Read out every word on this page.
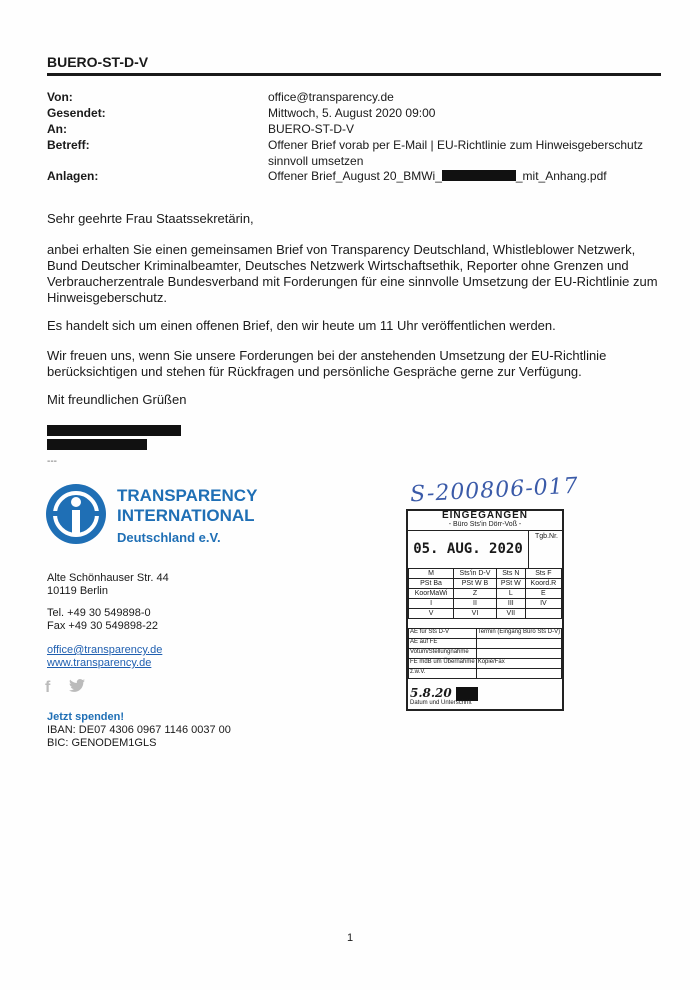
BUERO-ST-D-V
Von:	office@transparency.de
Gesendet:	Mittwoch, 5. August 2020 09:00
An:	BUERO-ST-D-V
Betreff:	Offener Brief vorab per E-Mail | EU-Richtlinie zum Hinweisgeberschutz
sinnvoll umsetzen
Anlagen:	Offener Brief_August 20_BMWi_	_mit_Anhang.pdf
Sehr geehrte Frau Staatssekretärin,
anbei erhalten Sie einen gemeinsamen Brief von Transparency Deutschland, Whistleblower Netzwerk, Bund Deutscher Kriminalbeamter, Deutsches Netzwerk Wirtschaftsethik, Reporter ohne Grenzen und Verbraucherzentrale Bundesverband mit Forderungen für eine sinnvolle Umsetzung der EU-Richtlinie zum Hinweisgeberschutz.
Es handelt sich um einen offenen Brief, den wir heute um 11 Uhr veröffentlichen werden.
Wir freuen uns, wenn Sie unsere Forderungen bei der anstehenden Umsetzung der EU-Richtlinie berücksichtigen und stehen für Rückfragen und persönliche Gespräche gerne zur Verfügung.
Mit freundlichen Grüßen
---
S-200806-017
TRANSPARENCY
INTERNATIONAL
Deutschland e.V.
Alte Schönhauser Str. 44
10119 Berlin
Tel. +49 30 549898-0
Fax +49 30 549898-22
office@transparency.de
www.transparency.de
f
Jetzt spenden!
IBAN: DE07 4306 0967 1146 0037 00
BIC: GENODEM1GLS
EINGEGANGEN
- Büro Sts'in Dörr-Voß -
05. AUG. 2020
Tgb.Nr.
M	Sts'in D-V	Sts N	Sts F
PSt Ba	PSt W B	PSt W	Koord.R
KoorMaWi	Z	L	E
I	II	III	IV
V	VI	VII	
AE für Sts D-V	Termin (Eingang Büro Sts D-V)
AE auf FE	
Votum/Stellungnahme	
FE mdB um Übernahme	Kopie/Fax
z.w.V.	
5.8.20
Datum und Unterschrift
1
